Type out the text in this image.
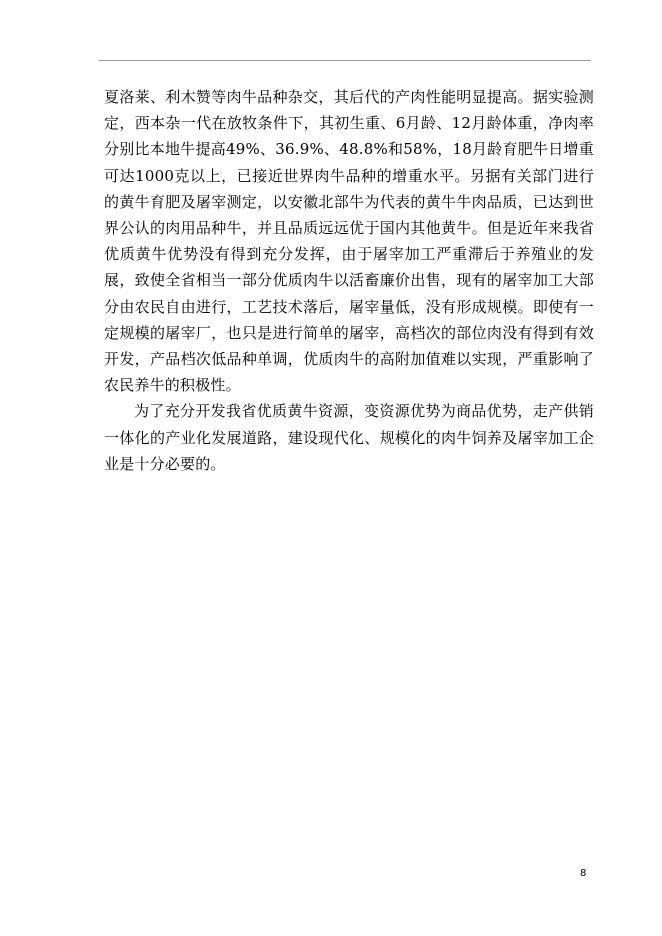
夏洛莱、利木赞等肉牛品种杂交，其后代的产肉性能明显提高。据实验测定，西本杂一代在放牧条件下，其初生重、6月龄、12月龄体重，净肉率分别比本地牛提高49%、36.9%、48.8%和58%，18月龄育肥牛日增重可达1000克以上，已接近世界肉牛品种的增重水平。另据有关部门进行的黄牛育肥及屠宰测定，以安徽北部牛为代表的黄牛牛肉品质，已达到世界公认的肉用品种牛，并且品质远远优于国内其他黄牛。但是近年来我省优质黄牛优势没有得到充分发挥，由于屠宰加工严重滞后于养殖业的发展，致使全省相当一部分优质肉牛以活畜廉价出售，现有的屠宰加工大部分由农民自由进行，工艺技术落后，屠宰量低，没有形成规模。即使有一定规模的屠宰厂，也只是进行简单的屠宰，高档次的部位肉没有得到有效开发，产品档次低品种单调，优质肉牛的高附加值难以实现，严重影响了农民养牛的积极性。

为了充分开发我省优质黄牛资源，变资源优势为商品优势，走产供销一体化的产业化发展道路，建设现代化、规模化的肉牛饲养及屠宰加工企业是十分必要的。

8
